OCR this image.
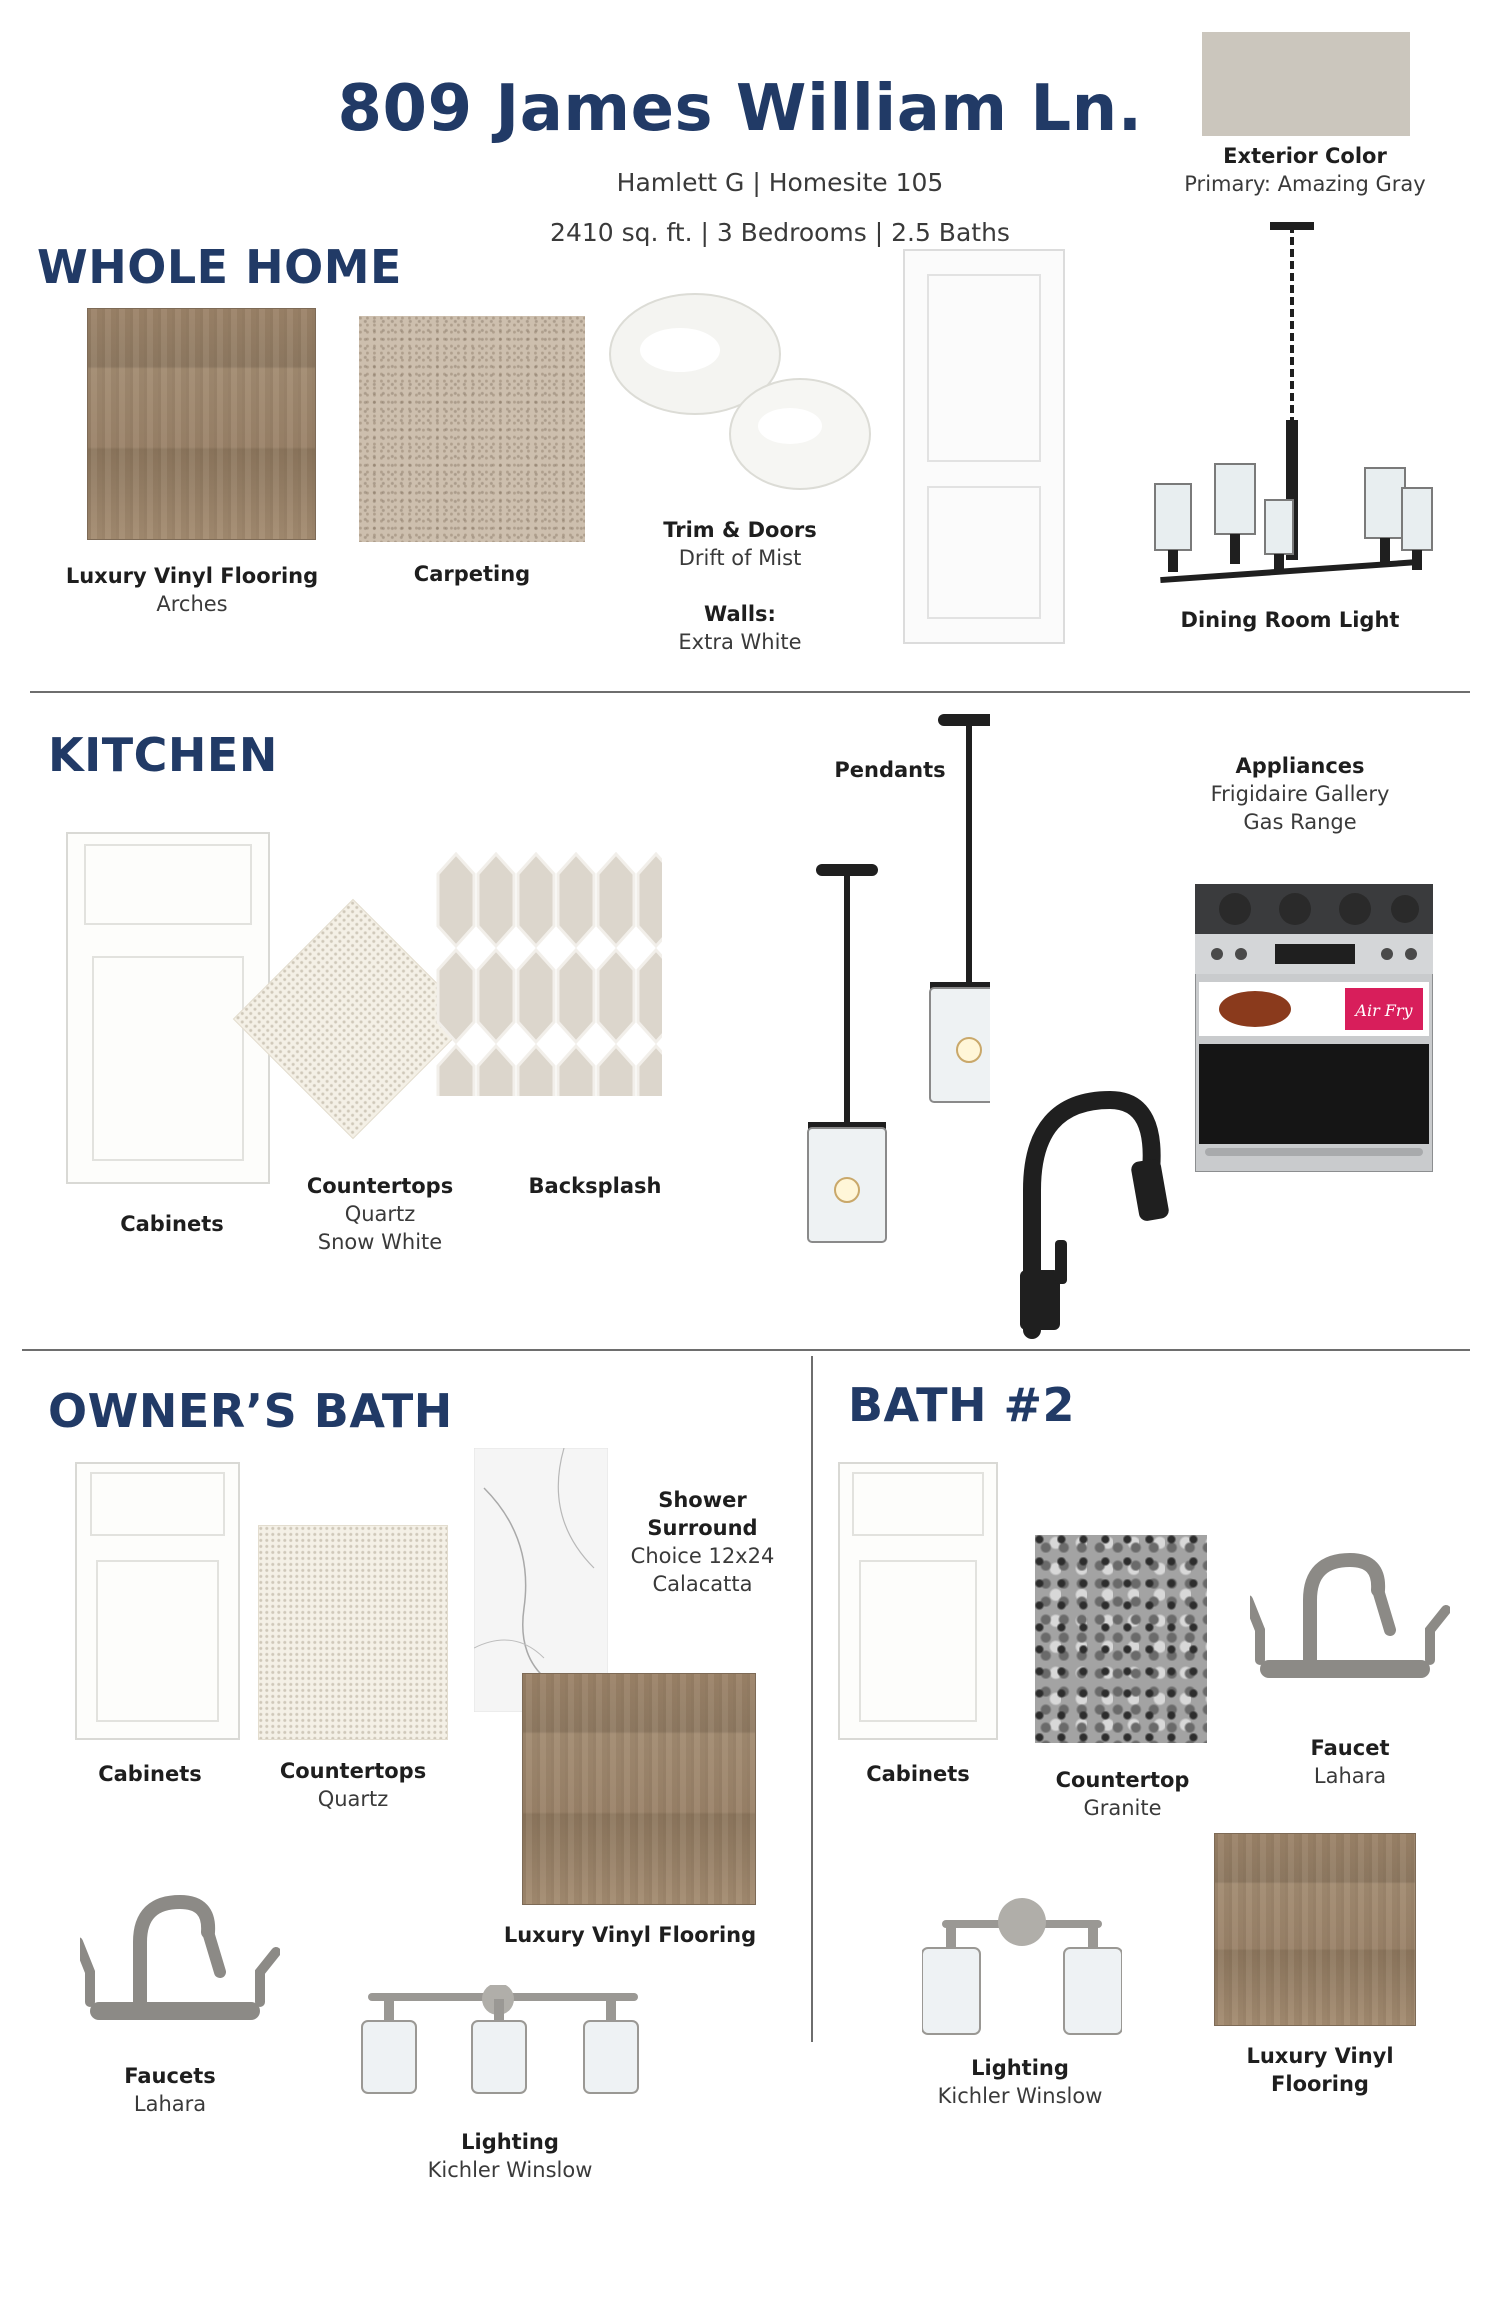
809 James William Ln.
Hamlett G | Homesite 105
2410 sq. ft. | 3 Bedrooms | 2.5 Baths
Exterior Color
Primary: Amazing Gray
WHOLE HOME
Luxury Vinyl Flooring
Arches
Carpeting
Trim & Doors
Drift of Mist
Walls:
Extra White
Dining Room Light
KITCHEN	Pendants	Appliances
Frigidaire Gallery
Gas Range
Cabinets
Countertops
Quartz
Snow White
Backsplash
Air Fry
OWNER’S BATH
Shower Surround
Choice 12x24
Calacatta
Cabinets	Countertops
Quartz
Luxury Vinyl Flooring
Faucets
Lahara
Lighting
Kichler Winslow
BATH #2
Cabinets	Countertop
Granite
Faucet
Lahara
Lighting
Kichler Winslow
Luxury Vinyl Flooring
